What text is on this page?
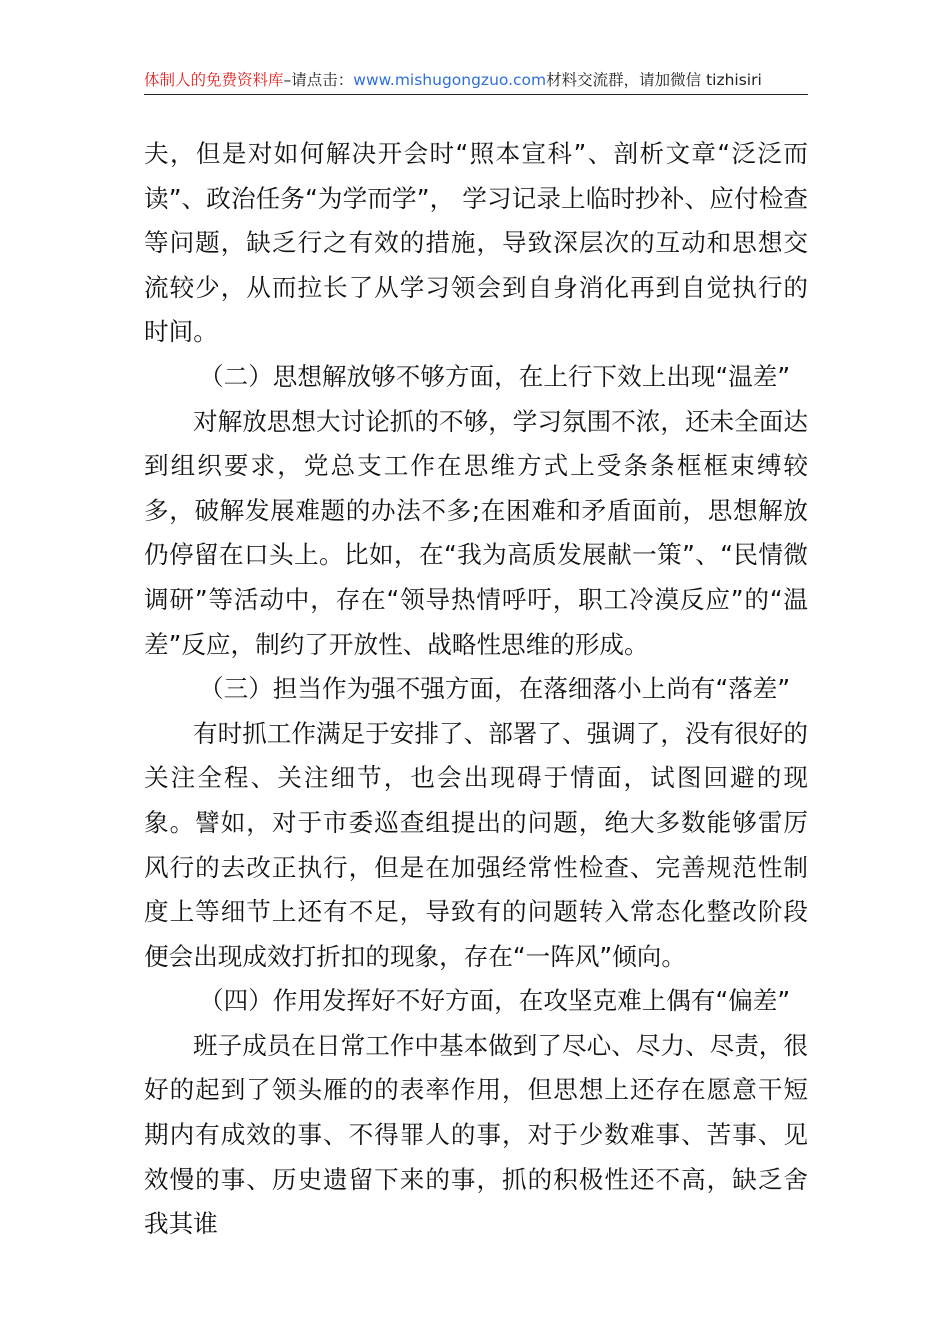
体制人的免费资料库–请点击：www.mishugongzuo.com材料交流群，请加微信 tizhisiri

夫，但是对如何解决开会时“照本宣科”、剖析文章“泛泛而读”、政治任务“为学而学”， 学习记录上临时抄补、应付检查等问题，缺乏行之有效的措施，导致深层次的互动和思想交流较少，从而拉长了从学习领会到自身消化再到自觉执行的时间。

（二）思想解放够不够方面，在上行下效上出现“温差”

对解放思想大讨论抓的不够，学习氛围不浓，还未全面达到组织要求，党总支工作在思维方式上受条条框框束缚较多，破解发展难题的办法不多;在困难和矛盾面前，思想解放仍停留在口头上。比如，在“我为高质发展献一策”、“民情微调研”等活动中，存在“领导热情呼吁，职工冷漠反应”的“温差”反应，制约了开放性、战略性思维的形成。

（三）担当作为强不强方面，在落细落小上尚有“落差”

有时抓工作满足于安排了、部署了、强调了，没有很好的关注全程、关注细节，也会出现碍于情面，试图回避的现象。譬如，对于市委巡查组提出的问题，绝大多数能够雷厉风行的去改正执行，但是在加强经常性检查、完善规范性制度上等细节上还有不足，导致有的问题转入常态化整改阶段便会出现成效打折扣的现象，存在“一阵风”倾向。

（四）作用发挥好不好方面，在攻坚克难上偶有“偏差”

班子成员在日常工作中基本做到了尽心、尽力、尽责，很好的起到了领头雁的的表率作用，但思想上还存在愿意干短期内有成效的事、不得罪人的事，对于少数难事、苦事、见效慢的事、历史遗留下来的事，抓的积极性还不高，缺乏舍我其谁
